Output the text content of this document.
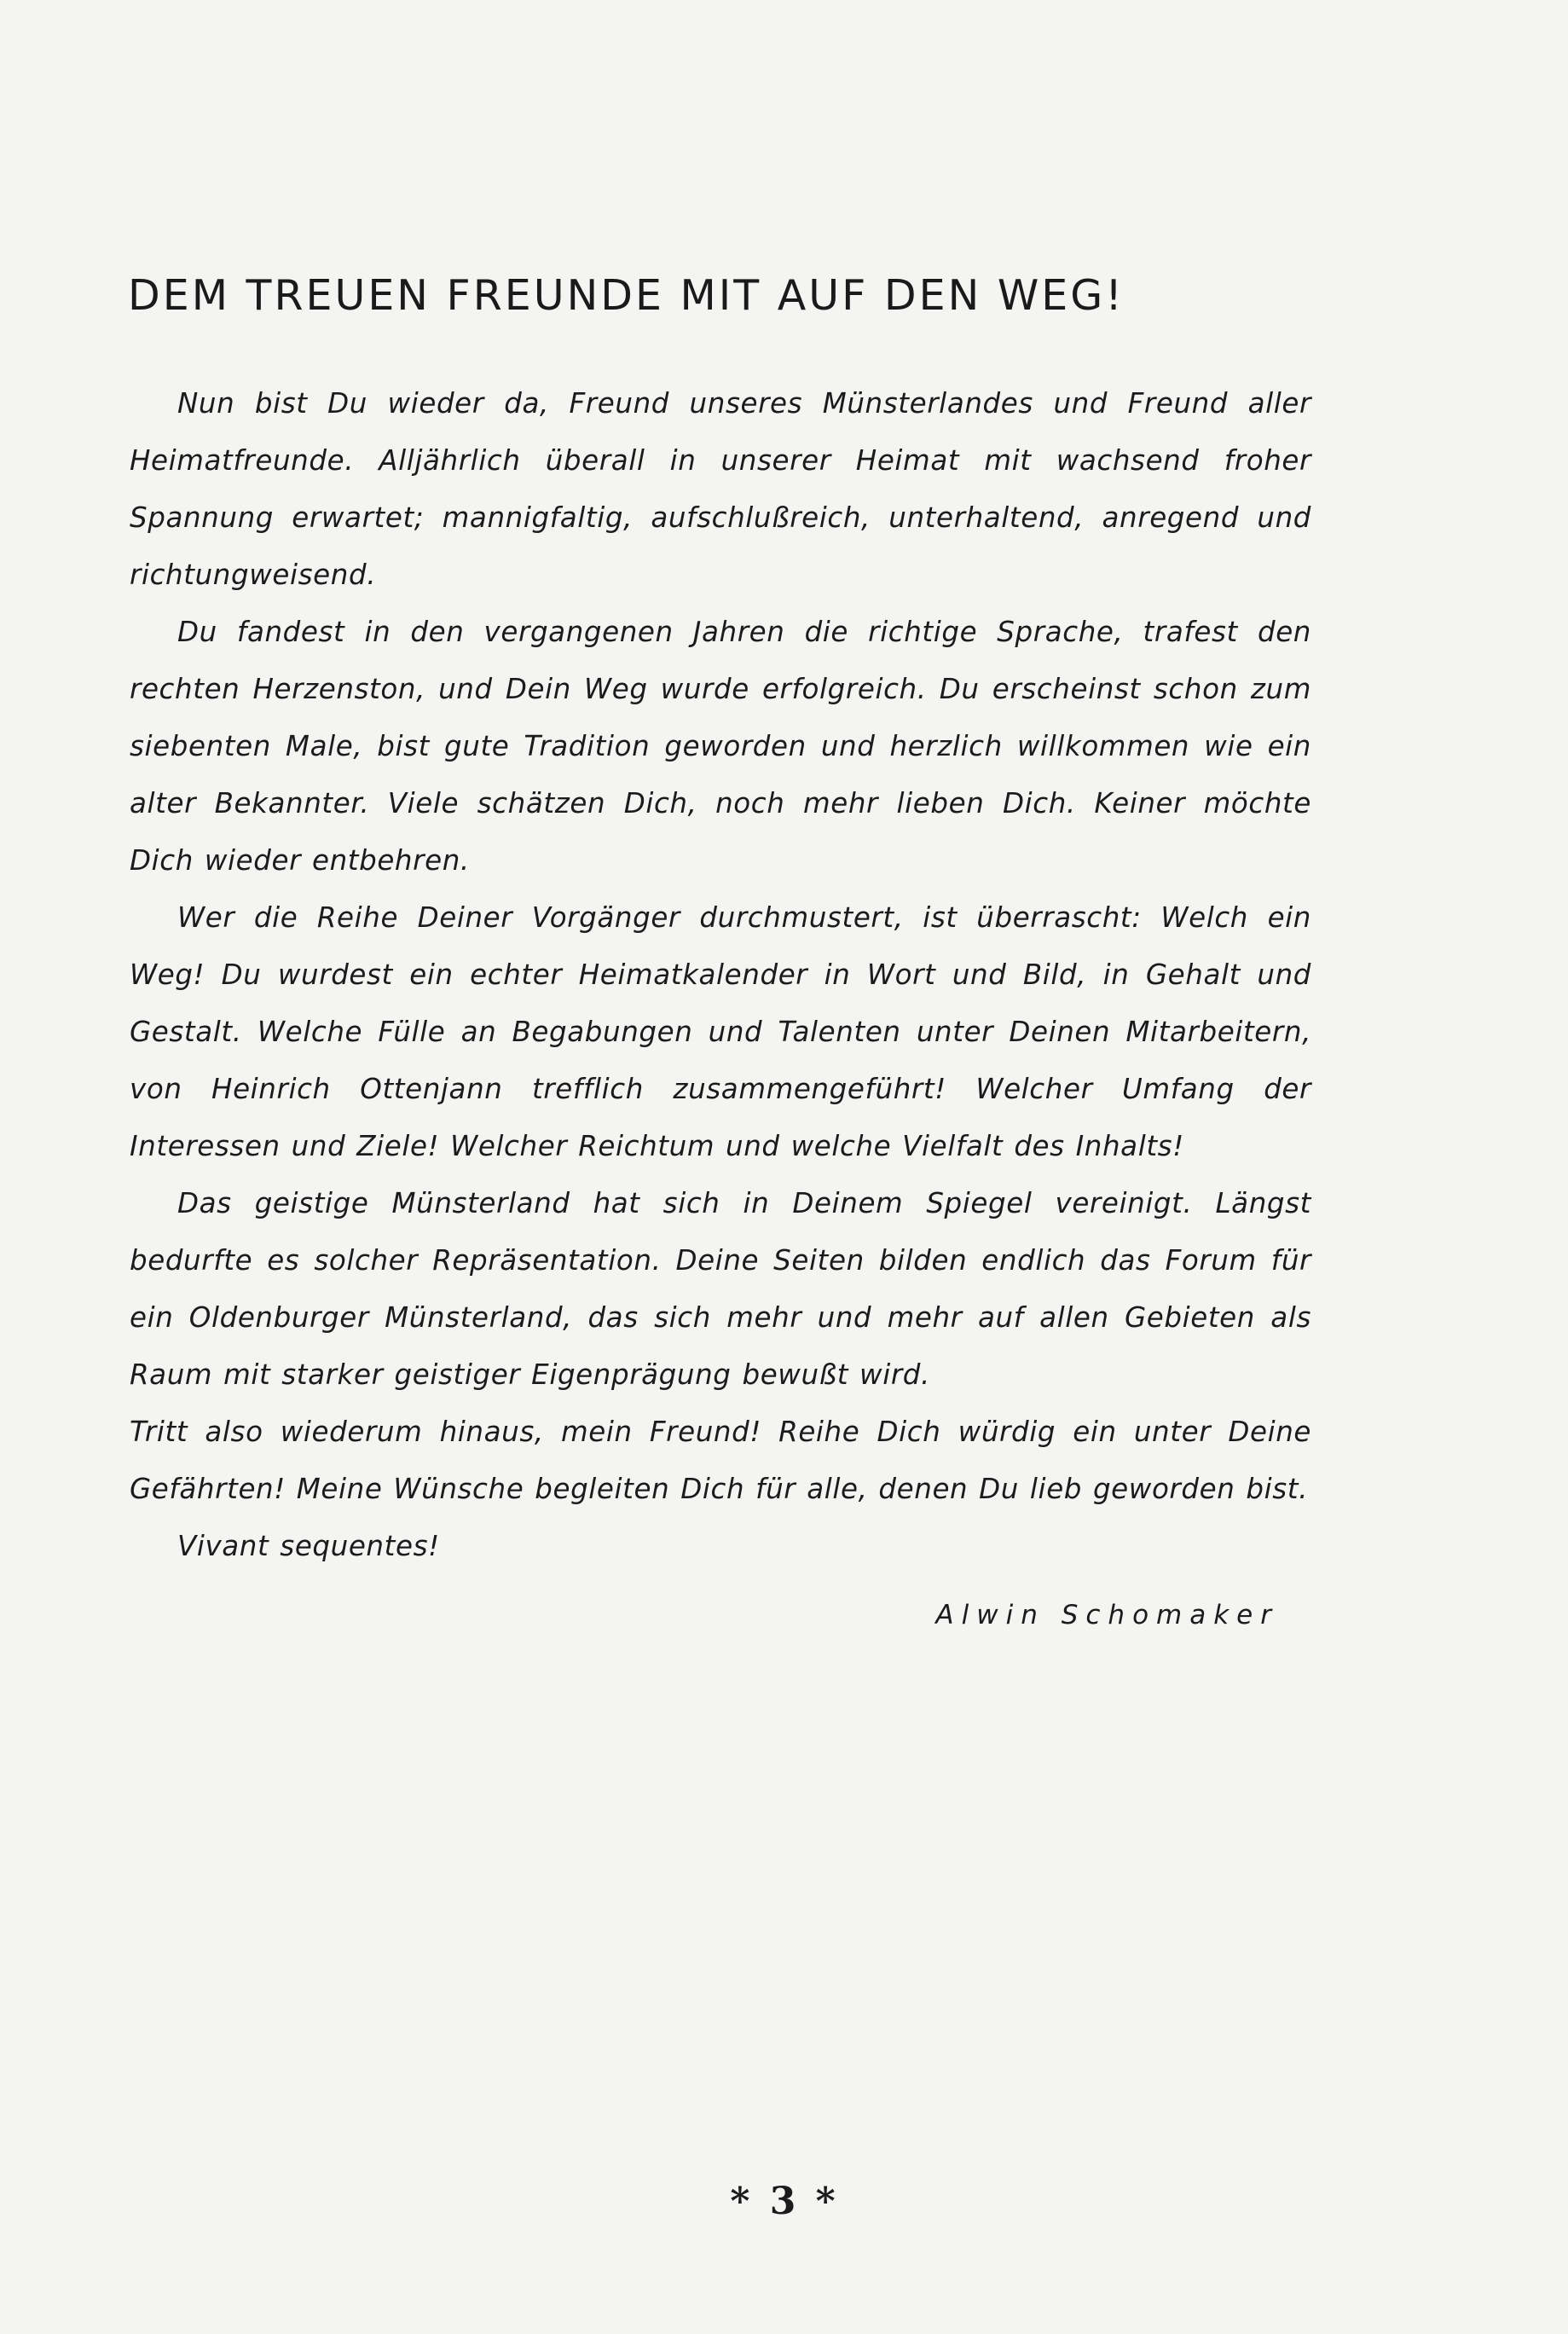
DEM TREUEN FREUNDE MIT AUF DEN WEG!

Nun bist Du wieder da, Freund unseres Münsterlandes und Freund aller Heimatfreunde. Alljährlich überall in unserer Heimat mit wachsend froher Spannung erwartet; mannigfaltig, aufschlußreich, unterhaltend, anregend und richtungweisend.

Du fandest in den vergangenen Jahren die richtige Sprache, trafest den rechten Herzenston, und Dein Weg wurde erfolgreich. Du erscheinst schon zum siebenten Male, bist gute Tradition geworden und herzlich willkommen wie ein alter Bekannter. Viele schätzen Dich, noch mehr lieben Dich. Keiner möchte Dich wieder entbehren.

Wer die Reihe Deiner Vorgänger durchmustert, ist überrascht: Welch ein Weg! Du wurdest ein echter Heimatkalender in Wort und Bild, in Gehalt und Gestalt. Welche Fülle an Begabungen und Talenten unter Deinen Mitarbeitern, von Heinrich Ottenjann trefflich zusammengeführt! Welcher Umfang der Interessen und Ziele! Welcher Reichtum und welche Vielfalt des Inhalts!

Das geistige Münsterland hat sich in Deinem Spiegel vereinigt. Längst bedurfte es solcher Repräsentation. Deine Seiten bilden endlich das Forum für ein Oldenburger Münsterland, das sich mehr und mehr auf allen Gebieten als Raum mit starker geistiger Eigenprägung bewußt wird.

Tritt also wiederum hinaus, mein Freund! Reihe Dich würdig ein unter Deine Gefährten! Meine Wünsche begleiten Dich für alle, denen Du lieb geworden bist.

Vivant sequentes!

Alwin Schomaker
* 3 *
